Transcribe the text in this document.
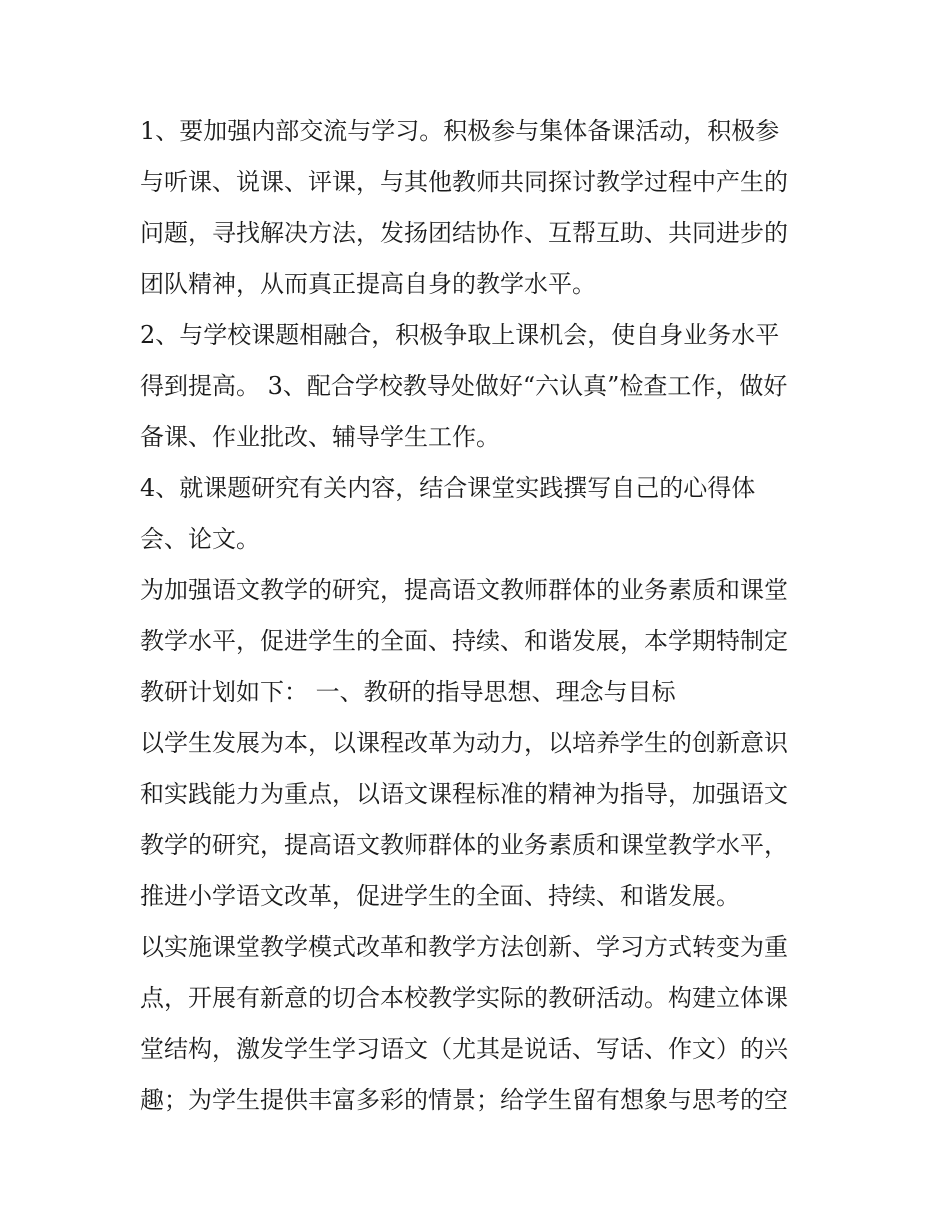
1、要加强内部交流与学习。积极参与集体备课活动，积极参
与听课、说课、评课，与其他教师共同探讨教学过程中产生的
问题，寻找解决方法，发扬团结协作、互帮互助、共同进步的
团队精神，从而真正提高自身的教学水平。
2、与学校课题相融合，积极争取上课机会，使自身业务水平
得到提高。 3、配合学校教导处做好“六认真”检查工作，做好
备课、作业批改、辅导学生工作。
4、就课题研究有关内容，结合课堂实践撰写自己的心得体
会、论文。
为加强语文教学的研究，提高语文教师群体的业务素质和课堂
教学水平，促进学生的全面、持续、和谐发展，本学期特制定
教研计划如下： 一、教研的指导思想、理念与目标
以学生发展为本，以课程改革为动力，以培养学生的创新意识
和实践能力为重点，以语文课程标准的精神为指导，加强语文
教学的研究，提高语文教师群体的业务素质和课堂教学水平，
推进小学语文改革，促进学生的全面、持续、和谐发展。
以实施课堂教学模式改革和教学方法创新、学习方式转变为重
点，开展有新意的切合本校教学实际的教研活动。构建立体课
堂结构，激发学生学习语文（尤其是说话、写话、作文）的兴
趣；为学生提供丰富多彩的情景；给学生留有想象与思考的空
